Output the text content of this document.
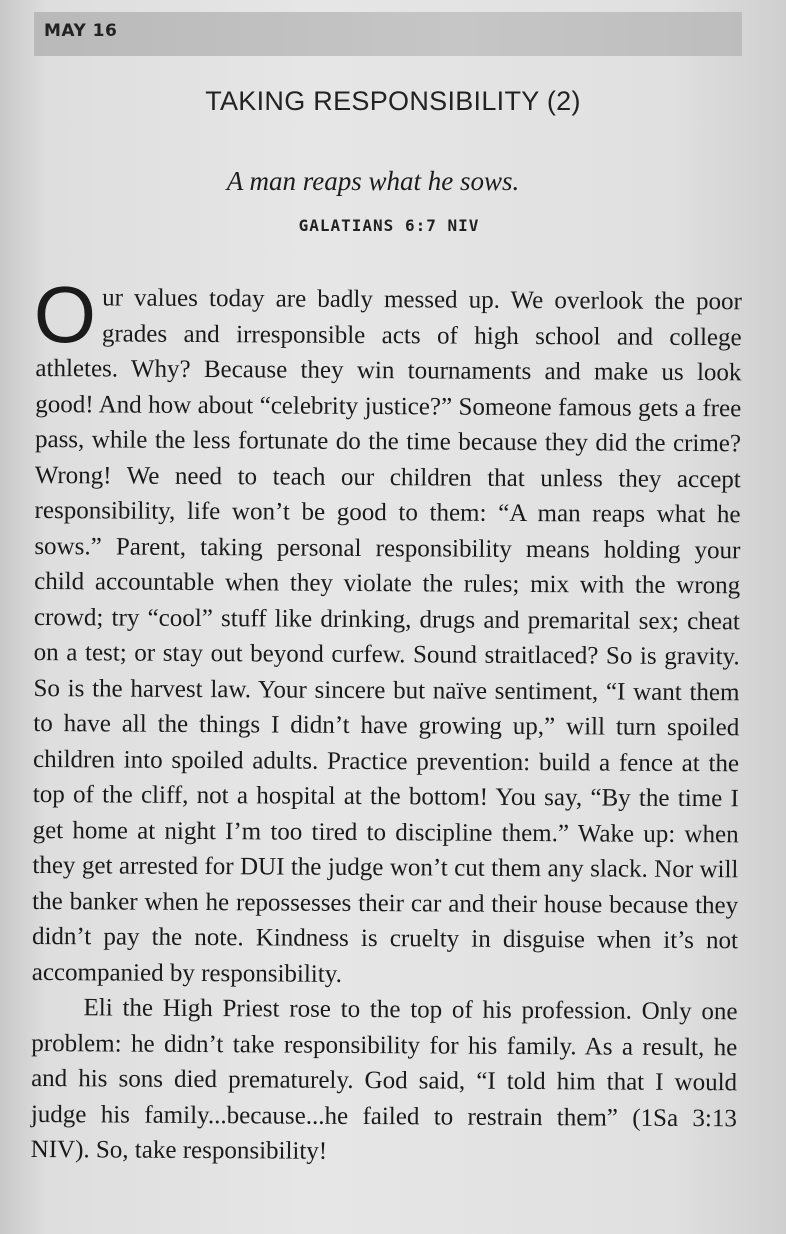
MAY 16
TAKING RESPONSIBILITY (2)
A man reaps what he sows.
GALATIANS 6:7 NIV

Our values today are badly messed up. We overlook the poor grades and irresponsible acts of high school and college athletes. Why? Because they win tournaments and make us look good! And how about “celebrity justice?” Someone famous gets a free pass, while the less fortunate do the time because they did the crime? Wrong! We need to teach our children that unless they accept responsibility, life won’t be good to them: “A man reaps what he sows.” Parent, taking personal responsibility means holding your child accountable when they violate the rules; mix with the wrong crowd; try “cool” stuff like drinking, drugs and premarital sex; cheat on a test; or stay out beyond curfew. Sound straitlaced? So is gravity. So is the harvest law. Your sincere but naïve sentiment, “I want them to have all the things I didn’t have growing up,” will turn spoiled children into spoiled adults. Practice prevention: build a fence at the top of the cliff, not a hospital at the bottom! You say, “By the time I get home at night I’m too tired to discipline them.” Wake up: when they get arrested for DUI the judge won’t cut them any slack. Nor will the banker when he repossesses their car and their house because they didn’t pay the note. Kindness is cruelty in disguise when it’s not accompanied by responsibility.

Eli the High Priest rose to the top of his profession. Only one problem: he didn’t take responsibility for his family. As a result, he and his sons died prematurely. God said, “I told him that I would judge his family...because...he failed to restrain them” (1Sa 3:13 NIV). So, take responsibility!
